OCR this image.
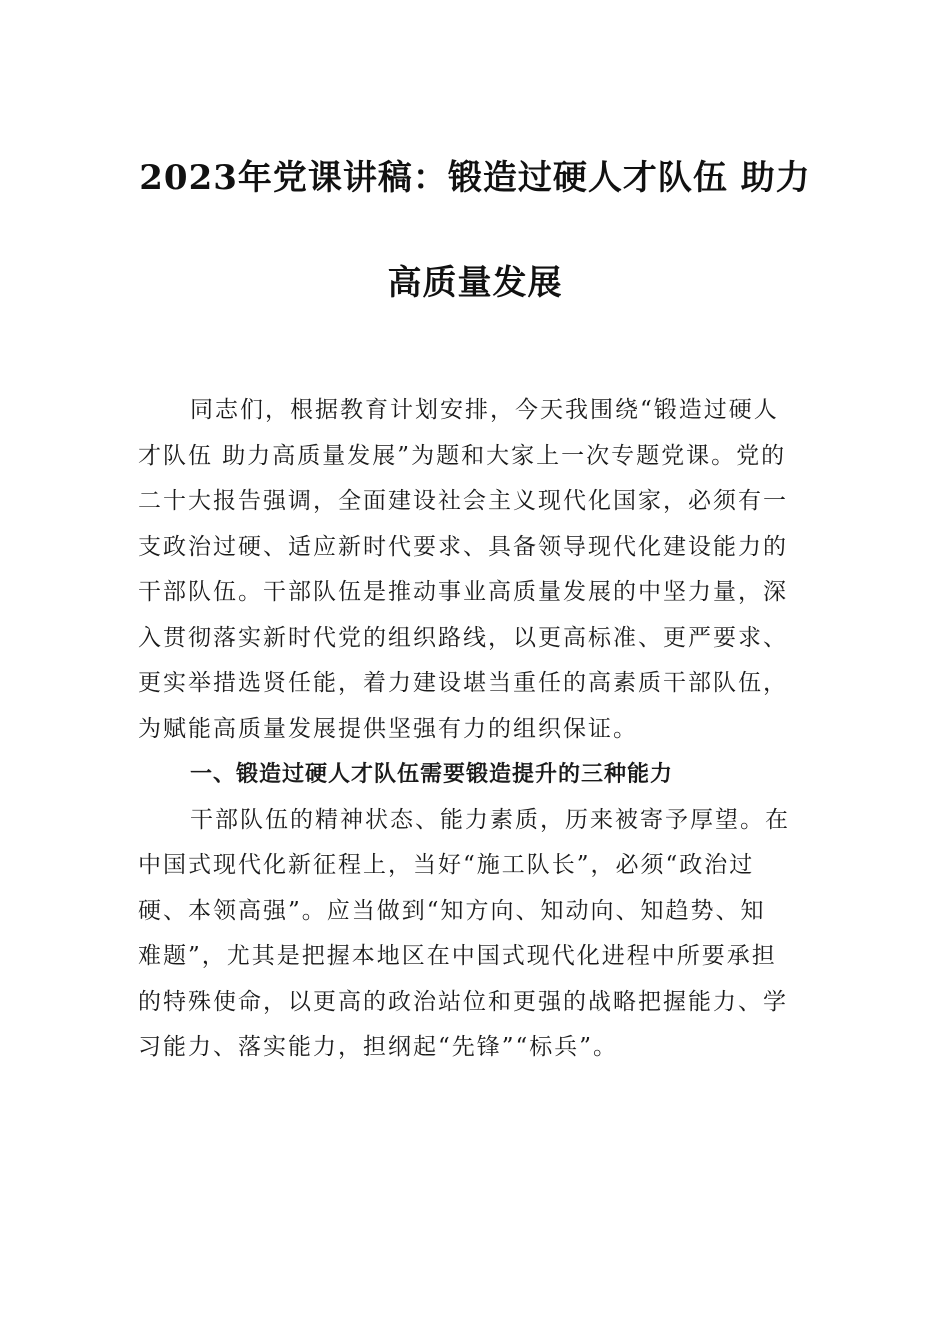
2023年党课讲稿：锻造过硬人才队伍 助力
高质量发展
同志们，根据教育计划安排，今天我围绕“锻造过硬人
才队伍 助力高质量发展”为题和大家上一次专题党课。党的
二十大报告强调，全面建设社会主义现代化国家，必须有一
支政治过硬、适应新时代要求、具备领导现代化建设能力的
干部队伍。干部队伍是推动事业高质量发展的中坚力量，深
入贯彻落实新时代党的组织路线，以更高标准、更严要求、
更实举措选贤任能，着力建设堪当重任的高素质干部队伍，
为赋能高质量发展提供坚强有力的组织保证。
一、锻造过硬人才队伍需要锻造提升的三种能力
干部队伍的精神状态、能力素质，历来被寄予厚望。在
中国式现代化新征程上，当好“施工队长”，必须“政治过
硬、本领高强”。应当做到“知方向、知动向、知趋势、知
难题”，尤其是把握本地区在中国式现代化进程中所要承担
的特殊使命，以更高的政治站位和更强的战略把握能力、学
习能力、落实能力，担纲起“先锋”“标兵”。
